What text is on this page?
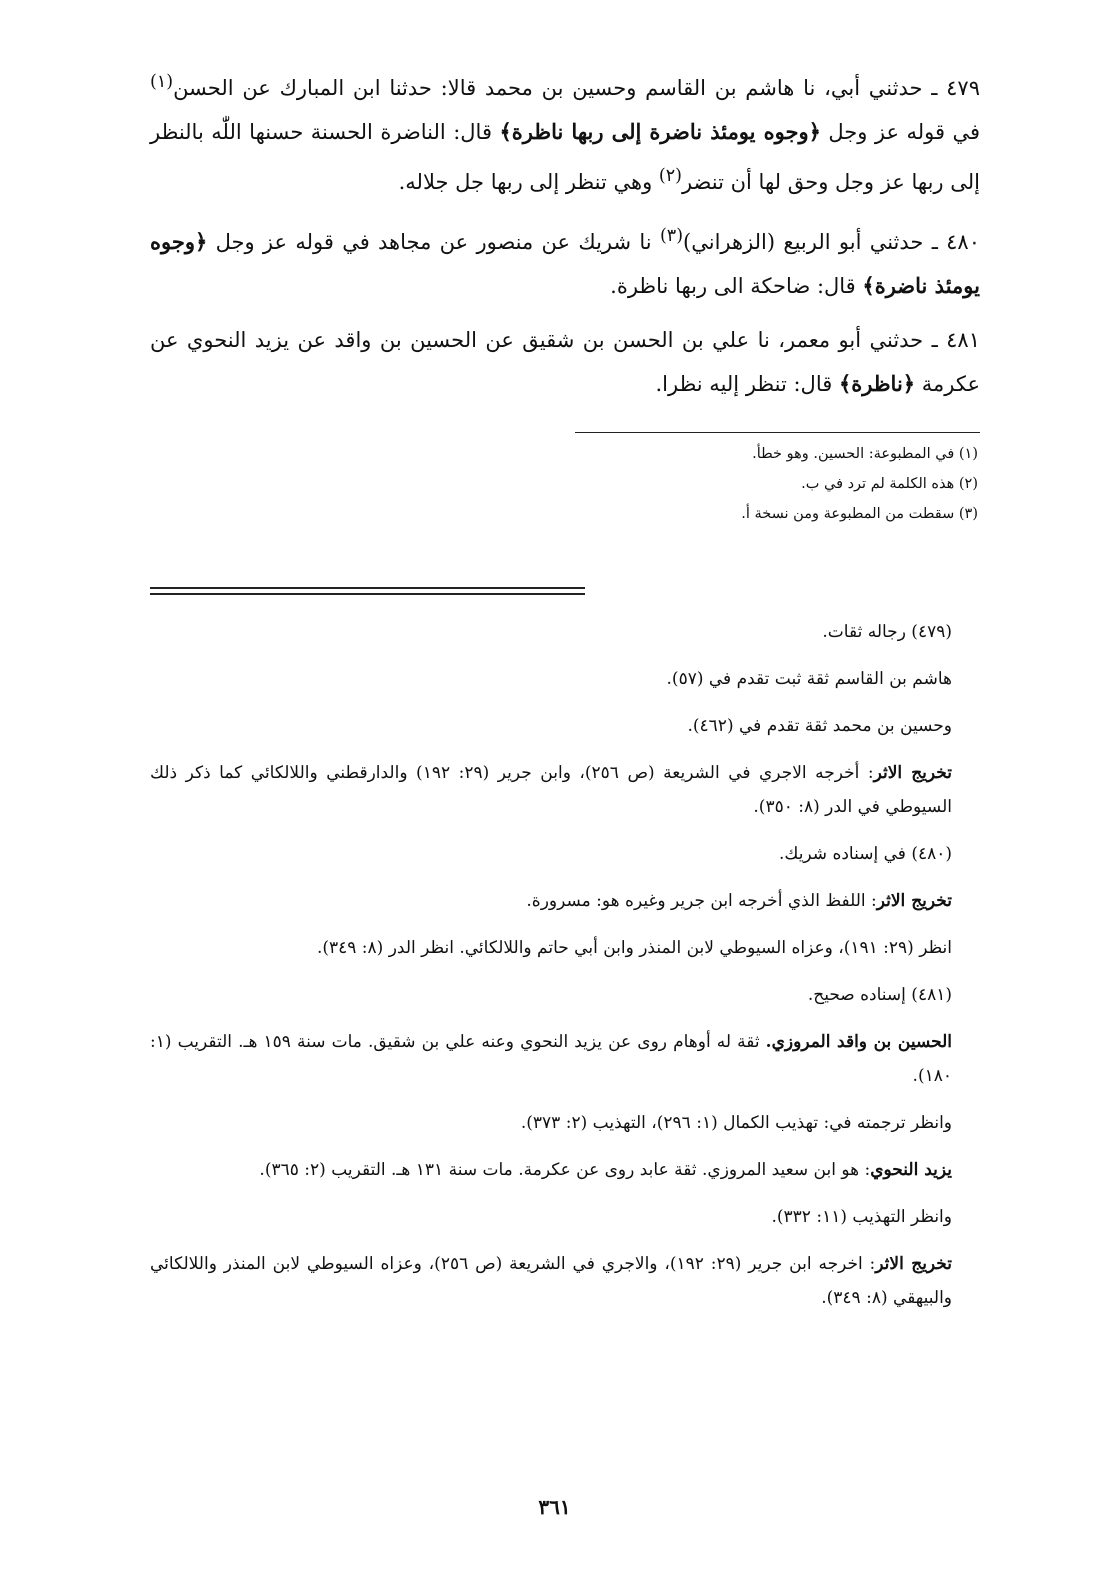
٤٧٩ ـ حدثني أبي، نا هاشم بن القاسم وحسين بن محمد قالا: حدثنا ابن المبارك عن الحسن$^{(١)}$ في قوله عز وجل ﴿وجوه يومئذ ناضرة إلى ربها ناظرة﴾ قال: الناضرة الحسنة حسنها اللّٰه بالنظر إلى ربها عز وجل وحق لها أن تنضر$^{(٢)}$ وهي تنظر إلى ربها جل جلاله.

٤٨٠ ـ حدثني أبو الربيع (الزهراني)$^{(٣)}$ نا شريك عن منصور عن مجاهد في قوله عز وجل ﴿وجوه يومئذ ناضرة﴾ قال: ضاحكة الى ربها ناظرة.

٤٨١ ـ حدثني أبو معمر، نا علي بن الحسن بن شقيق عن الحسين بن واقد عن يزيد النحوي عن عكرمة ﴿ناظرة﴾ قال: تنظر إليه نظرا.

(١) في المطبوعة: الحسين. وهو خطأ.

(٢) هذه الكلمة لم ترد في ب.

(٣) سقطت من المطبوعة ومن نسخة أ.

(٤٧٩) رجاله ثقات.

هاشم بن القاسم ثقة ثبت تقدم في (٥٧).

وحسين بن محمد ثقة تقدم في (٤٦٢).

تخريج الاثر: أخرجه الاجري في الشريعة (ص ٢٥٦)، وابن جرير (٢٩: ١٩٢) والدارقطني واللالكائي كما ذكر ذلك السيوطي في الدر (٨: ٣٥٠).

(٤٨٠) في إسناده شريك.

تخريج الاثر: اللفظ الذي أخرجه ابن جرير وغيره هو: مسرورة.

انظر (٢٩: ١٩١)، وعزاه السيوطي لابن المنذر وابن أبي حاتم واللالكائي. انظر الدر (٨: ٣٤٩).

(٤٨١) إسناده صحيح.

الحسين بن واقد المروزي. ثقة له أوهام روى عن يزيد النحوي وعنه علي بن شقيق. مات سنة ١٥٩ هـ. التقريب (١: ١٨٠).

وانظر ترجمته في: تهذيب الكمال (١: ٢٩٦)، التهذيب (٢: ٣٧٣).

يزيد النحوي: هو ابن سعيد المروزي. ثقة عابد روى عن عكرمة. مات سنة ١٣١ هـ. التقريب (٢: ٣٦٥).

وانظر التهذيب (١١: ٣٣٢).

تخريج الاثر: اخرجه ابن جرير (٢٩: ١٩٢)، والاجري في الشريعة (ص ٢٥٦)، وعزاه السيوطي لابن المنذر واللالكائي والبيهقي (٨: ٣٤٩).

٣٦١
